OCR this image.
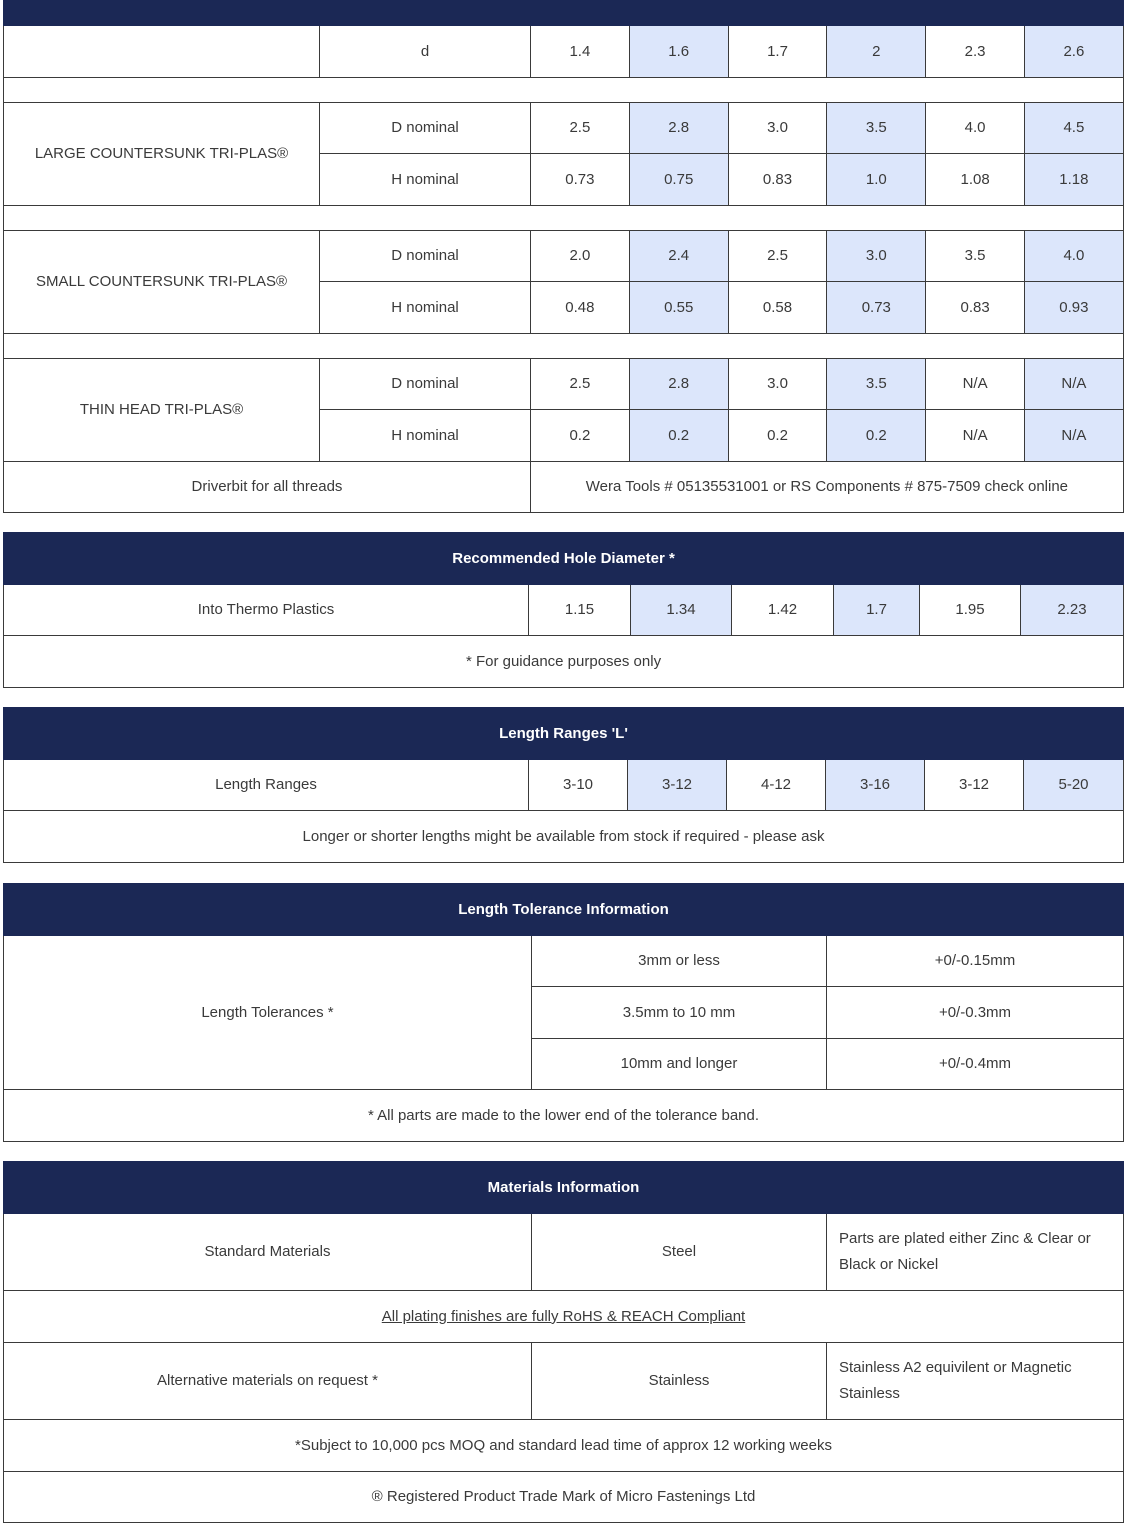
	d	1.4	1.6	1.7	2	2.3	2.6

LARGE COUNTERSUNK TRI-PLAS®	D nominal	2.5	2.8	3.0	3.5	4.0	4.5
	H nominal	0.73	0.75	0.83	1.0	1.08	1.18

SMALL COUNTERSUNK TRI-PLAS®	D nominal	2.0	2.4	2.5	3.0	3.5	4.0
	H nominal	0.48	0.55	0.58	0.73	0.83	0.93

THIN HEAD TRI-PLAS®	D nominal	2.5	2.8	3.0	3.5	N/A	N/A
	H nominal	0.2	0.2	0.2	0.2	N/A	N/A
Driverbit for all threads		Wera Tools # 05135531001 or RS Components # 875-7509 check online					
Recommended Hole Diameter *
Into Thermo Plastics	1.15	1.34	1.42	1.7	1.95	2.23
* For guidance purposes only
Length Ranges 'L'
Length Ranges	3-10	3-12	4-12	3-16	3-12	5-20
Longer or shorter lengths might be available from stock if required - please ask
Length Tolerance Information		
Length Tolerances *	3mm or less	+0/-0.15mm
	3.5mm to 10 mm	+0/-0.3mm
	10mm and longer	+0/-0.4mm
* All parts are made to the lower end of the tolerance band.		
Materials Information		
Standard Materials	Steel	Parts are plated either Zinc & Clear or Black or Nickel
All plating finishes are fully RoHS & REACH Compliant		
Alternative materials on request *	Stainless	Stainless A2 equivilent or Magnetic Stainless
*Subject to 10,000 pcs MOQ and standard lead time of approx 12 working weeks		
® Registered Product Trade Mark of Micro Fastenings Ltd		
